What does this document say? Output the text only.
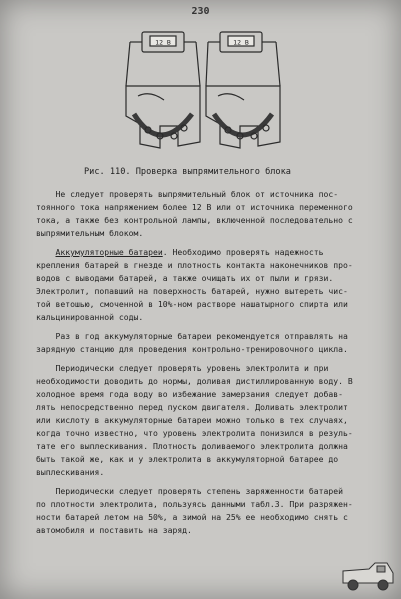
230
12 В	12 В
Рис. 110. Проверка выпрямительного блока
Не следует проверять выпрямительный блок от источника пос-
тоянного тока напряжением более 12 В или от источника переменного
тока, а также без контрольной лампы, включенной последовательно с
выпрямительным блоком.
Аккумуляторные батареи. Необходимо проверять надежность
крепления батарей в гнезде и плотность контакта наконечников про-
водов с выводами батарей, а также очищать их от пыли и грязи.
Электролит, попавший на поверхность батарей, нужно вытереть чис-
той ветошью, смоченной в 10%-ном растворе нашатырного спирта или
кальцинированной соды.
Раз в год аккумуляторные батареи рекомендуется отправлять на
зарядную станцию для проведения контрольно-тренировочного цикла.
Периодически следует проверять уровень электролита и при
необходимости доводить до нормы, доливая дистиллированную воду. В
холодное время года воду во избежание замерзания следует добав-
лять непосредственно перед пуском двигателя. Доливать электролит
или кислоту в аккумуляторные батареи можно только в тех случаях,
когда точно известно, что уровень электролита понизился в резуль-
тате его выплескивания. Плотность доливаемого электролита должна
быть такой же, как и у электролита в аккумуляторной батарее до
выплескивания.
Периодически следует проверять степень заряженности батарей
по плотности электролита, пользуясь данными табл.3. При разряжен-
ности батарей летом на 50%, а зимой на 25% ее необходимо снять с
автомобиля и поставить на заряд.
